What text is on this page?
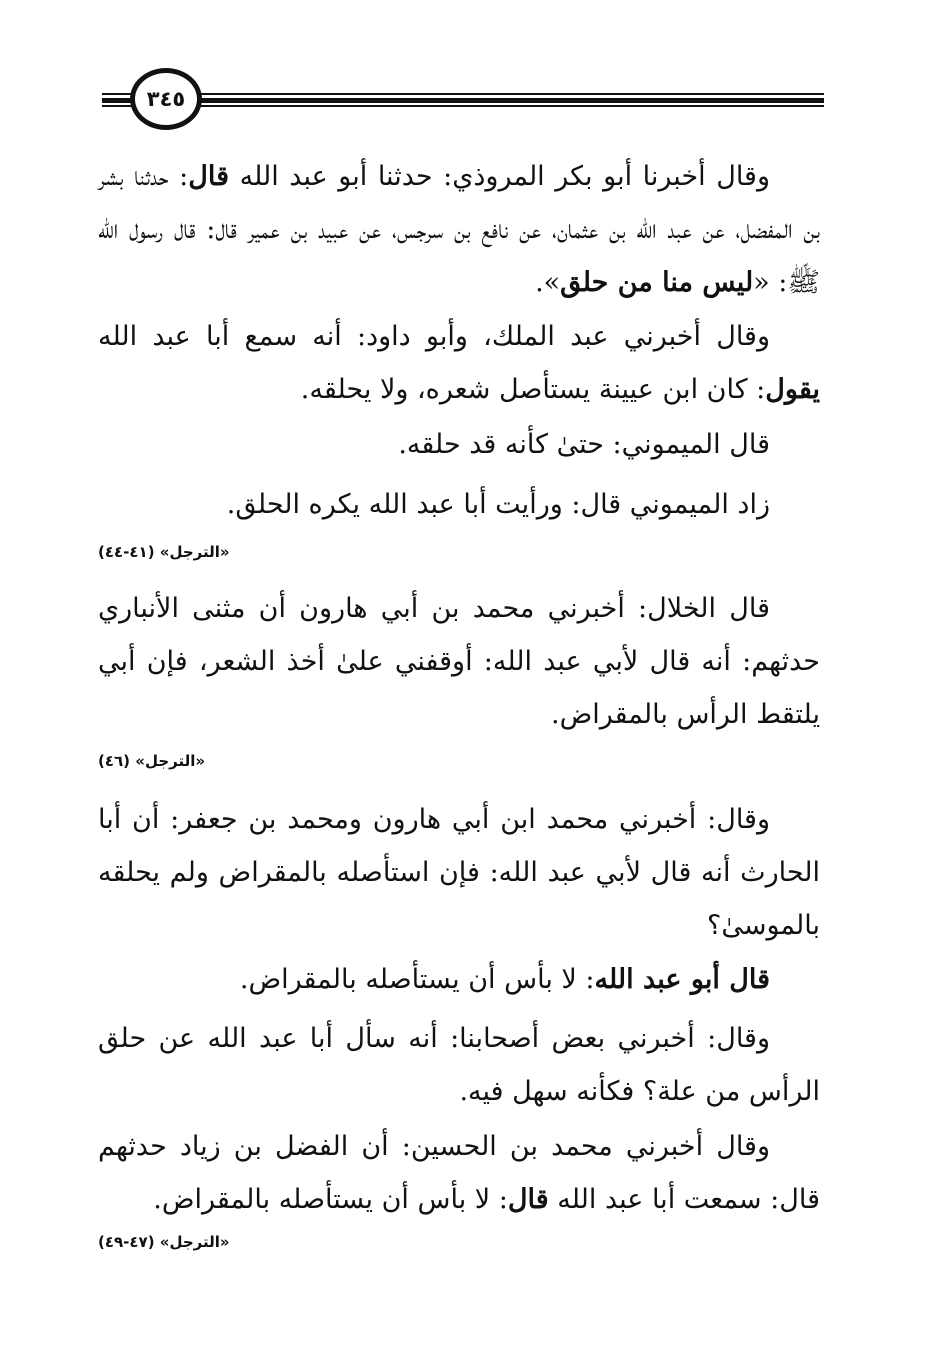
٣٤٥
وقال أخبرنا أبو بكر المروذي: حدثنا أبو عبد الله قال: حدثنا بشر بن المفضل، عن عبد الله بن عثمان، عن نافع بن سرجس، عن عبيد بن عمير قال: قال رسول الله ﷺ: «ليس منا من حلق».
وقال أخبرني عبد الملك، وأبو داود: أنه سمع أبا عبد الله يقول: كان ابن عيينة يستأصل شعره، ولا يحلقه.
قال الميموني: حتىٰ كأنه قد حلقه.
زاد الميموني قال: ورأيت أبا عبد الله يكره الحلق.
«الترجل» (٤١-٤٤)
قال الخلال: أخبرني محمد بن أبي هارون أن مثنى الأنباري حدثهم: أنه قال لأبي عبد الله: أوقفني علىٰ أخذ الشعر، فإن أبي يلتقط الرأس بالمقراض.
«الترجل» (٤٦)
وقال: أخبرني محمد ابن أبي هارون ومحمد بن جعفر: أن أبا الحارث أنه قال لأبي عبد الله: فإن استأصله بالمقراض ولم يحلقه بالموسىٰ؟
قال أبو عبد الله: لا بأس أن يستأصله بالمقراض.
وقال: أخبرني بعض أصحابنا: أنه سأل أبا عبد الله عن حلق الرأس من علة؟ فكأنه سهل فيه.
وقال أخبرني محمد بن الحسين: أن الفضل بن زياد حدثهم قال: سمعت أبا عبد الله قال: لا بأس أن يستأصله بالمقراض.
«الترجل» (٤٧-٤٩)
